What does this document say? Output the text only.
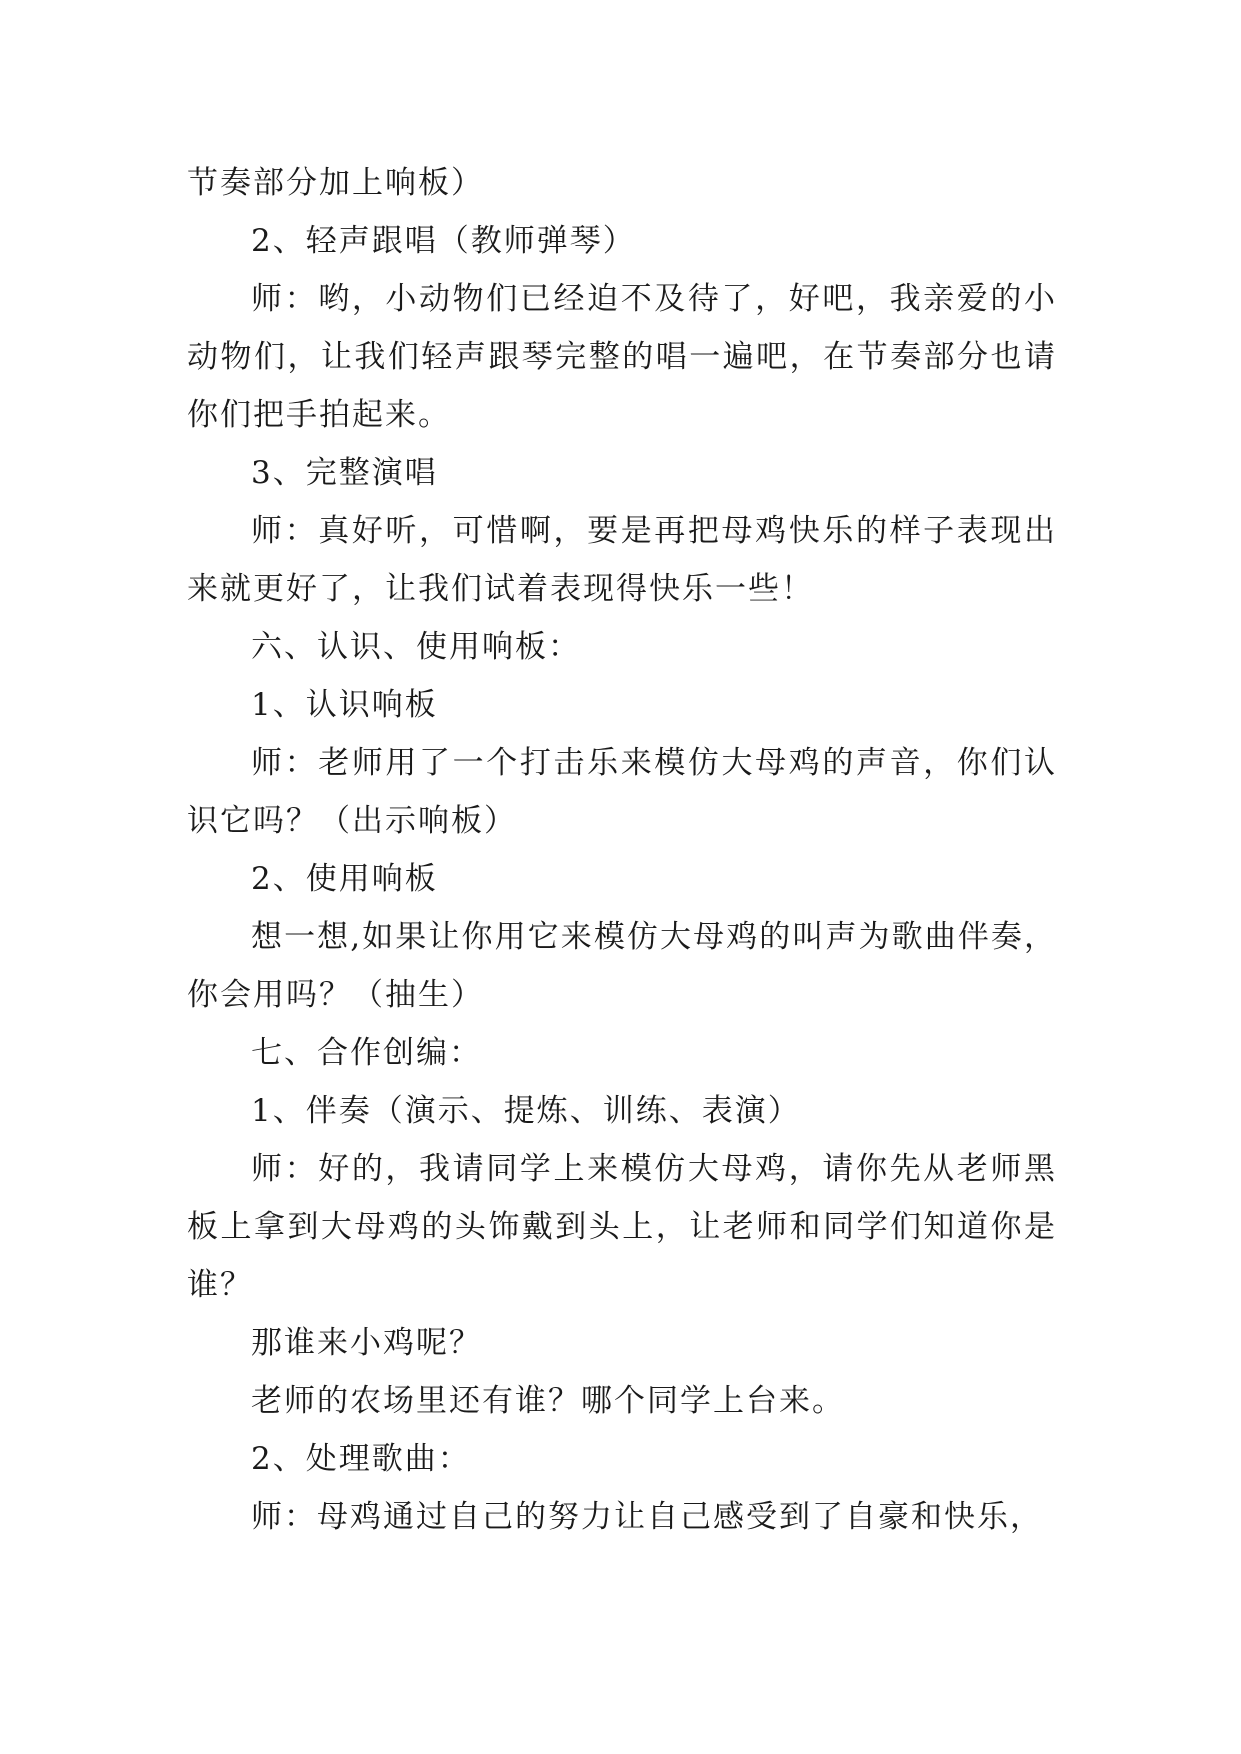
节奏部分加上响板）

2、轻声跟唱（教师弹琴）

师：哟，小动物们已经迫不及待了，好吧，我亲爱的小动物们，让我们轻声跟琴完整的唱一遍吧，在节奏部分也请你们把手拍起来。

3、完整演唱

师：真好听，可惜啊，要是再把母鸡快乐的样子表现出来就更好了，让我们试着表现得快乐一些！

六、认识、使用响板：

1、认识响板

师：老师用了一个打击乐来模仿大母鸡的声音，你们认识它吗？（出示响板）

2、使用响板

想一想,如果让你用它来模仿大母鸡的叫声为歌曲伴奏，你会用吗？（抽生）

七、合作创编：

1、伴奏（演示、提炼、训练、表演）

师：好的，我请同学上来模仿大母鸡，请你先从老师黑板上拿到大母鸡的头饰戴到头上，让老师和同学们知道你是谁？

那谁来小鸡呢？

老师的农场里还有谁？哪个同学上台来。

2、处理歌曲：

师：母鸡通过自己的努力让自己感受到了自豪和快乐，
